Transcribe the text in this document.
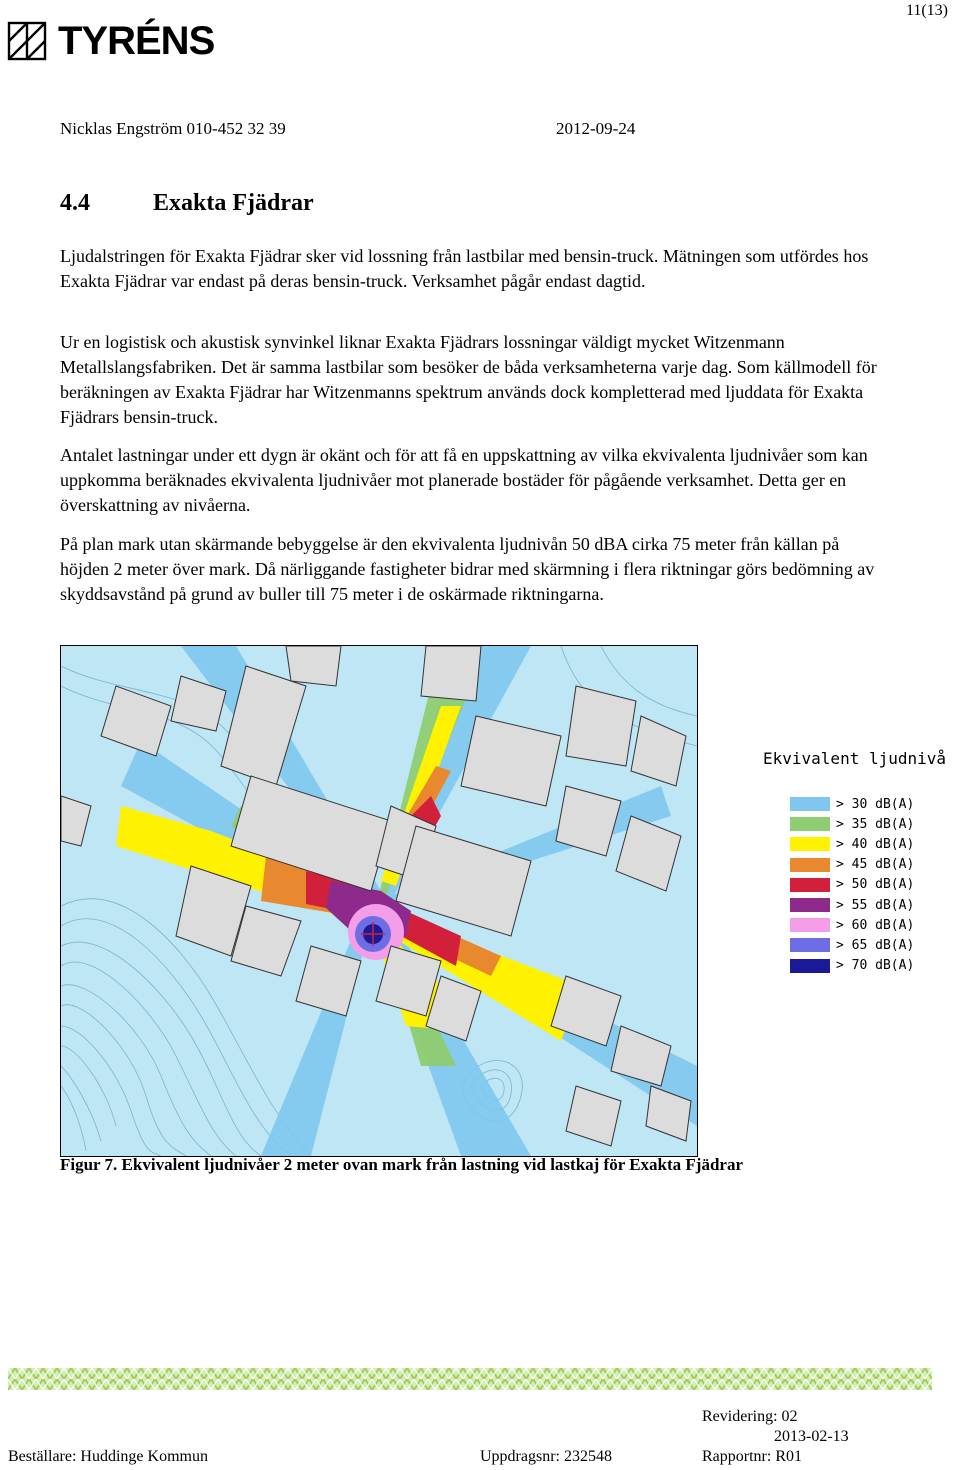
11(13)
TYRÉNS
Nicklas Engström 010-452 32 39	2012-09-24
4.4	Exakta Fjädrar
Ljudalstringen för Exakta Fjädrar sker vid lossning från lastbilar med bensin-truck. Mätningen som utfördes hos Exakta Fjädrar var endast på deras bensin-truck. Verksamhet pågår endast dagtid.
Ur en logistisk och akustisk synvinkel liknar Exakta Fjädrars lossningar väldigt mycket Witzenmann Metallslangsfabriken. Det är samma lastbilar som besöker de båda verksamheterna varje dag. Som källmodell för beräkningen av Exakta Fjädrar har Witzenmanns spektrum används dock kompletterad med ljuddata för Exakta Fjädrars bensin-truck.
Antalet lastningar under ett dygn är okänt och för att få en uppskattning av vilka ekvivalenta ljudnivåer som kan uppkomma beräknades ekvivalenta ljudnivåer mot planerade bostäder för pågående verksamhet. Detta ger en överskattning av nivåerna.
På plan mark utan skärmande bebyggelse är den ekvivalenta ljudnivån 50 dBA cirka 75 meter från källan på höjden 2 meter över mark. Då närliggande fastigheter bidrar med skärmning i flera riktningar görs bedömning av skyddsavstånd på grund av buller till 75 meter i de oskärmade riktningarna.
Ekvivalent ljudnivå
> 30 dB(A)
> 35 dB(A)
> 40 dB(A)
> 45 dB(A)
> 50 dB(A)
> 55 dB(A)
> 60 dB(A)
> 65 dB(A)
> 70 dB(A)
Figur 7. Ekvivalent ljudnivåer 2 meter ovan mark från lastning vid lastkaj för Exakta Fjädrar
Revidering: 02
2013-02-13
Beställare: Huddinge Kommun	Uppdragsnr: 232548	Rapportnr: R01
